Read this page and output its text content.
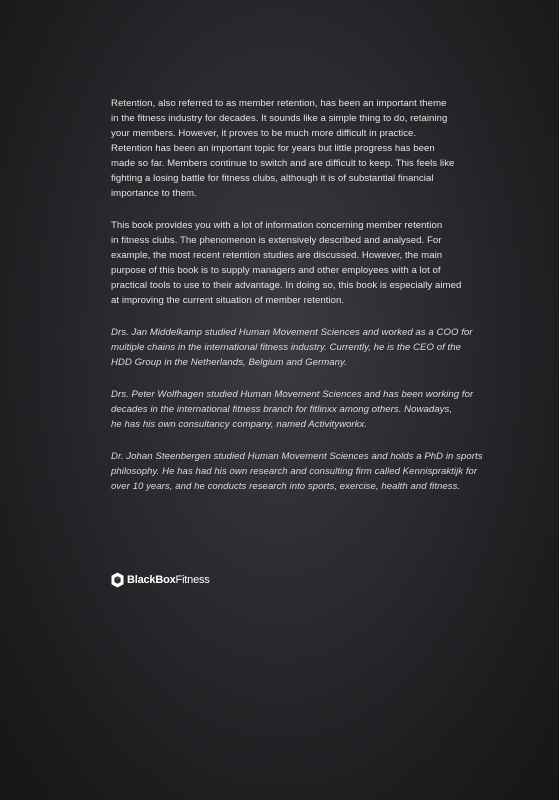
Retention, also referred to as member retention, has been an important theme
in the fitness industry for decades. It sounds like a simple thing to do, retaining
your members. However, it proves to be much more difficult in practice.
Retention has been an important topic for years but little progress has been
made so far. Members continue to switch and are difficult to keep. This feels like
fighting a losing battle for fitness clubs, although it is of substantial financial
importance to them.
This book provides you with a lot of information concerning member retention
in fitness clubs. The phenomenon is extensively described and analysed. For
example, the most recent retention studies are discussed. However, the main
purpose of this book is to supply managers and other employees with a lot of
practical tools to use to their advantage. In doing so, this book is especially aimed
at improving the current situation of member retention.
Drs. Jan Middelkamp studied Human Movement Sciences and worked as a COO for
multiple chains in the international fitness industry. Currently, he is the CEO of the
HDD Group in the Netherlands, Belgium and Germany.
Drs. Peter Wolfhagen studied Human Movement Sciences and has been working for
decades in the international fitness branch for fitlinxx among others. Nowadays,
he has his own consultancy company, named Activityworkx.
Dr. Johan Steenbergen studied Human Movement Sciences and holds a PhD in sports
philosophy. He has had his own research and consulting firm called Kennispraktijk for
over 10 years, and he conducts research into sports, exercise, health and fitness.
BlackBoxFitness
